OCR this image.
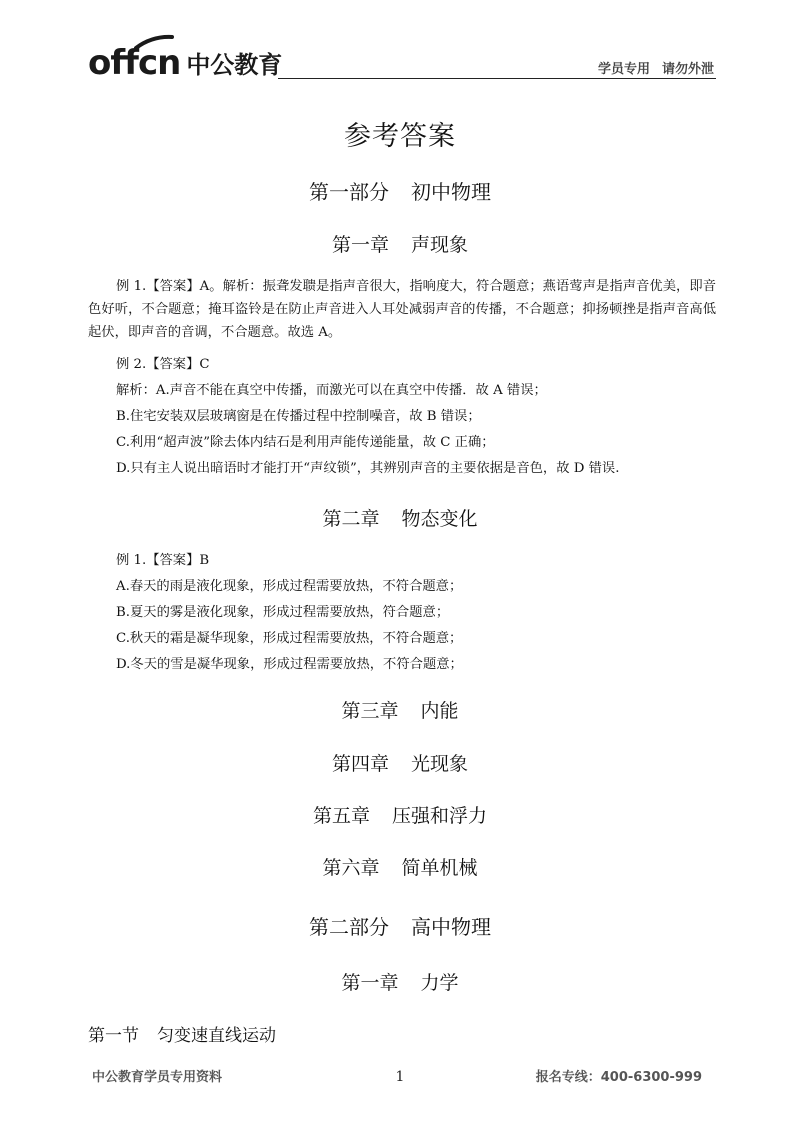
offcn 中公教育	学员专用 请勿外泄
参考答案
第一部分 初中物理
第一章 声现象
例 1.【答案】A。解析：振聋发聩是指声音很大，指响度大，符合题意；燕语莺声是指声音优美，即音色好听，不合题意；掩耳盗铃是在防止声音进入人耳处减弱声音的传播，不合题意；抑扬顿挫是指声音高低起伏，即声音的音调，不合题意。故选 A。
例 2.【答案】C
解析：A.声音不能在真空中传播，而激光可以在真空中传播．故 A 错误；
B.住宅安装双层玻璃窗是在传播过程中控制噪音，故 B 错误；
C.利用“超声波”除去体内结石是利用声能传递能量，故 C 正确；
D.只有主人说出暗语时才能打开“声纹锁”，其辨别声音的主要依据是音色，故 D 错误.
第二章 物态变化
例 1.【答案】B
A.春天的雨是液化现象，形成过程需要放热，不符合题意；
B.夏天的雾是液化现象，形成过程需要放热，符合题意；
C.秋天的霜是凝华现象，形成过程需要放热，不符合题意；
D.冬天的雪是凝华现象，形成过程需要放热，不符合题意；
第三章 内能
第四章 光现象
第五章 压强和浮力
第六章 简单机械
第二部分 高中物理
第一章 力学
第一节 匀变速直线运动
中公教育学员专用资料	1	报名专线：400-6300-999
